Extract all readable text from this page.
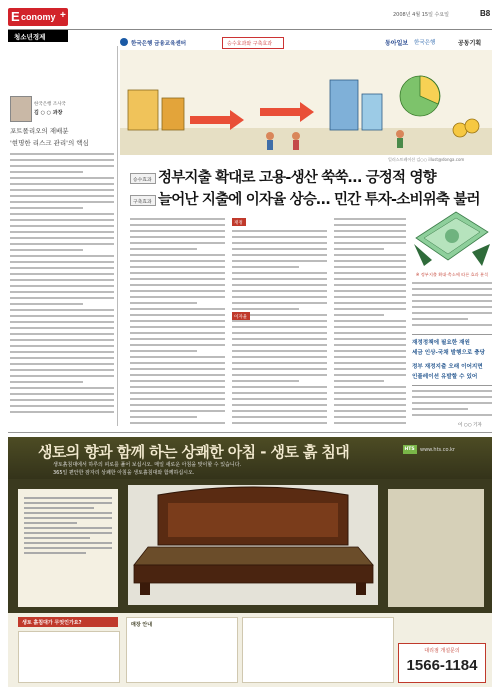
E conomy +	2008년 4월 15일 수요일	B8
청소년경제
한국은행 금융교육센터	승수효과와 구축효과	동아일보 한국은행	공동기획
일러스트레이션 김○○ illust@donga.com
한국은행 조사국
김 ○ ○ 과장
포트폴리오의 재배분
'현명한 리스크 관리'의 핵심
승수효과 정부지출 확대로 고용-생산 쑥쑥… 긍정적 영향
구축효과 늘어난 지출에 이자율 상승… 민간 투자-소비위축 불러
재정
이자율
※ 정부지출 확대·축소에 따른 효과 분석
재정정책에 필요한 재원
세금 인상-국채 발행으로 충당
정부 재정지출 오래 이어지면
인플레이션 유발할 수 있어
이 ○○ 기자
생토의 향과 함께 하는 상쾌한 아침 - 생토 흙 침대
생토흙침대에서 하루의 피로를 풀어 보십시오. 매일 새로운 아침을 맞이할 수 있습니다.
365일 편안한 잠자리 상쾌한 아침을 생토흙침대와 함께하십시오.
www.hts.co.kr
HTS
생토 흙침대가 무엇인가요?	매장 안내
대리점 개설문의
1566-1184
